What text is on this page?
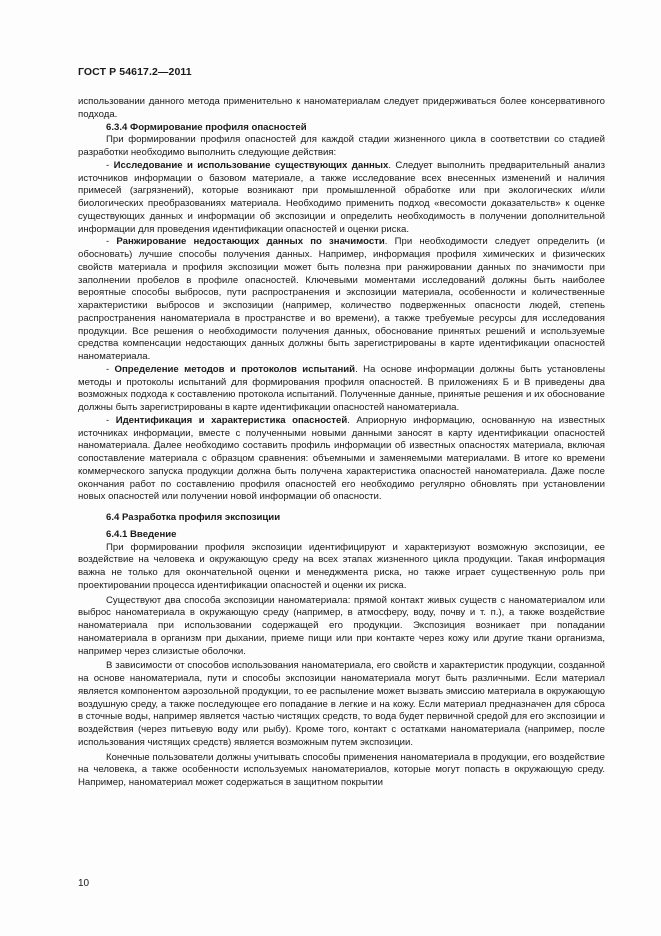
ГОСТ Р 54617.2—2011

использовании данного метода применительно к наноматериалам следует придерживаться более консервативного подхода.

6.3.4 Формирование профиля опасностей

При формировании профиля опасностей для каждой стадии жизненного цикла в соответствии со стадией разработки необходимо выполнить следующие действия:

- Исследование и использование существующих данных. Следует выполнить предварительный анализ источников информации о базовом материале, а также исследование всех внесенных изменений и наличия примесей (загрязнений), которые возникают при промышленной обработке или при экологических и/или биологических преобразованиях материала. Необходимо применить подход «весомости доказательств» к оценке существующих данных и информации об экспозиции и определить необходимость в получении дополнительной информации для проведения идентификации опасностей и оценки риска.

- Ранжирование недостающих данных по значимости. При необходимости следует определить (и обосновать) лучшие способы получения данных. Например, информация профиля химических и физических свойств материала и профиля экспозиции может быть полезна при ранжировании данных по значимости при заполнении пробелов в профиле опасностей. Ключевыми моментами исследований должны быть наиболее вероятные способы выбросов, пути распространения и экспозиции материала, особенности и количественные характеристики выбросов и экспозиции (например, количество подверженных опасности людей, степень распространения наноматериала в пространстве и во времени), а также требуемые ресурсы для исследования продукции. Все решения о необходимости получения данных, обоснование принятых решений и используемые средства компенсации недостающих данных должны быть зарегистрированы в карте идентификации опасностей наноматериала.

- Определение методов и протоколов испытаний. На основе информации должны быть установлены методы и протоколы испытаний для формирования профиля опасностей. В приложениях Б и В приведены два возможных подхода к составлению протокола испытаний. Полученные данные, принятые решения и их обоснование должны быть зарегистрированы в карте идентификации опасностей наноматериала.

- Идентификация и характеристика опасностей. Априорную информацию, основанную на известных источниках информации, вместе с полученными новыми данными заносят в карту идентификации опасностей наноматериала. Далее необходимо составить профиль информации об известных опасностях материала, включая сопоставление материала с образцом сравнения: объемными и заменяемыми материалами. В итоге ко времени коммерческого запуска продукции должна быть получена характеристика опасностей наноматериала. Даже после окончания работ по составлению профиля опасностей его необходимо регулярно обновлять при установлении новых опасностей или получении новой информации об опасности.

6.4 Разработка профиля экспозиции

6.4.1 Введение

При формировании профиля экспозиции идентифицируют и характеризуют возможную экспозиции, ее воздействие на человека и окружающую среду на всех этапах жизненного цикла продукции. Такая информация важна не только для окончательной оценки и менеджмента риска, но также играет существенную роль при проектировании процесса идентификации опасностей и оценки их риска.

Существуют два способа экспозиции наноматериала: прямой контакт живых существ с наноматериалом или выброс наноматериала в окружающую среду (например, в атмосферу, воду, почву и т. п.), а также воздействие наноматериала при использовании содержащей его продукции. Экспозиция возникает при попадании наноматериала в организм при дыхании, приеме пищи или при контакте через кожу или другие ткани организма, например через слизистые оболочки.

В зависимости от способов использования наноматериала, его свойств и характеристик продукции, созданной на основе наноматериала, пути и способы экспозиции наноматериала могут быть различными. Если материал является компонентом аэрозольной продукции, то ее распыление может вызвать эмиссию материала в окружающую воздушную среду, а также последующее его попадание в легкие и на кожу. Если материал предназначен для сброса в сточные воды, например является частью чистящих средств, то вода будет первичной средой для его экспозиции и воздействия (через питьевую воду или рыбу). Кроме того, контакт с остатками наноматериала (например, после использования чистящих средств) является возможным путем экспозиции.

Конечные пользователи должны учитывать способы применения наноматериала в продукции, его воздействие на человека, а также особенности используемых наноматериалов, которые могут попасть в окружающую среду. Например, наноматериал может содержаться в защитном покрытии

10
